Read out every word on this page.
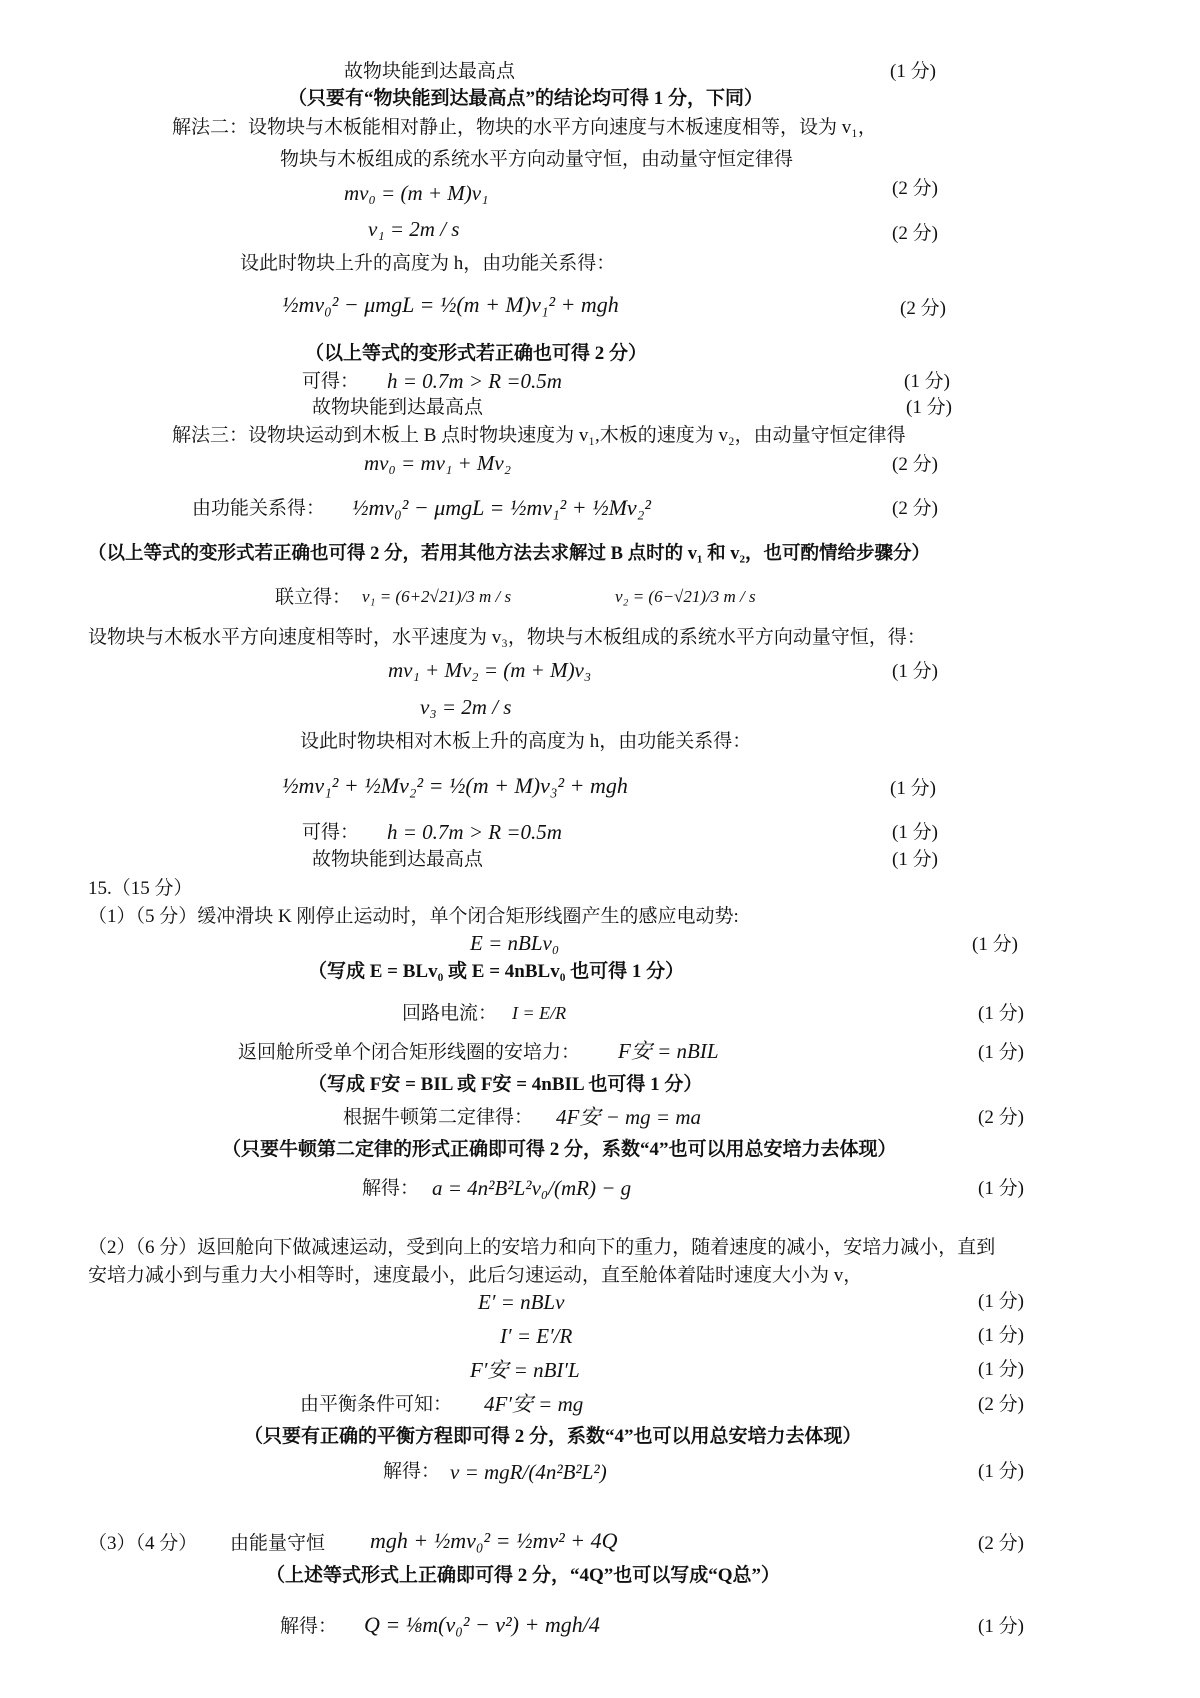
故物块能到达最高点	(1 分)
（只要有“物块能到达最高点”的结论均可得 1 分，下同）
解法二：设物块与木板能相对静止，物块的水平方向速度与木板速度相等，设为 v₁，
物块与木板组成的系统水平方向动量守恒，由动量守恒定律得
mv₀ = (m + M)v₁	(2 分)
v₁ = 2m / s	(2 分)
设此时物块上升的高度为 h，由功能关系得：
½mv₀² − μmgL = ½(m + M)v₁² + mgh	(2 分)
（以上等式的变形式若正确也可得 2 分）
可得： h = 0.7m > R =0.5m	(1 分)
故物块能到达最高点	(1 分)
解法三：设物块运动到木板上 B 点时物块速度为 v₁,木板的速度为 v₂，由动量守恒定律得
mv₀ = mv₁ + Mv₂	(2 分)
由功能关系得： ½mv₀² − μmgL = ½mv₁² + ½Mv₂²	(2 分)
（以上等式的变形式若正确也可得 2 分，若用其他方法去求解过 B 点时的 v₁ 和 v₂，也可酌情给步骤分）
联立得： v₁ = (6+2√21)/3 m / s	v₂ = (6−√21)/3 m / s
设物块与木板水平方向速度相等时，水平速度为 v₃，物块与木板组成的系统水平方向动量守恒，得：
mv₁ + Mv₂ = (m + M)v₃	(1 分)
v₃ = 2m / s
设此时物块相对木板上升的高度为 h，由功能关系得：
½mv₁² + ½Mv₂² = ½(m + M)v₃² + mgh	(1 分)
可得： h = 0.7m > R =0.5m	(1 分)
故物块能到达最高点	(1 分)
15.（15 分）
（1）（5 分）缓冲滑块 K 刚停止运动时，单个闭合矩形线圈产生的感应电动势:
E = nBLv₀	(1 分)
（写成 E = BLv₀ 或 E = 4nBLv₀ 也可得 1 分）
回路电流： I = E/R	(1 分)
返回舱所受单个闭合矩形线圈的安培力： F安 = nBIL	(1 分)
（写成 F安 = BIL 或 F安 = 4nBIL 也可得 1 分）
根据牛顿第二定律得： 4F安 − mg = ma	(2 分)
（只要牛顿第二定律的形式正确即可得 2 分，系数“4”也可以用总安培力去体现）
解得： a = 4n²B²L²v₀/(mR) − g	(1 分)
（2）（6 分）返回舱向下做减速运动，受到向上的安培力和向下的重力，随着速度的减小，安培力减小，直到
安培力减小到与重力大小相等时，速度最小，此后匀速运动，直至舱体着陆时速度大小为 v，
E′ = nBLv	(1 分)
I′ = E′/R	(1 分)
F′安 = nBI′L	(1 分)
由平衡条件可知： 4F′安 = mg	(2 分)
（只要有正确的平衡方程即可得 2 分，系数“4”也可以用总安培力去体现）
解得： v = mgR/(4n²B²L²)	(1 分)
（3）（4 分） 由能量守恒 mgh + ½mv₀² = ½mv² + 4Q	(2 分)
（上述等式形式上正确即可得 2 分，“4Q”也可以写成“Q总”）
解得： Q = ⅛m(v₀² − v²) + mgh/4	(1 分)
